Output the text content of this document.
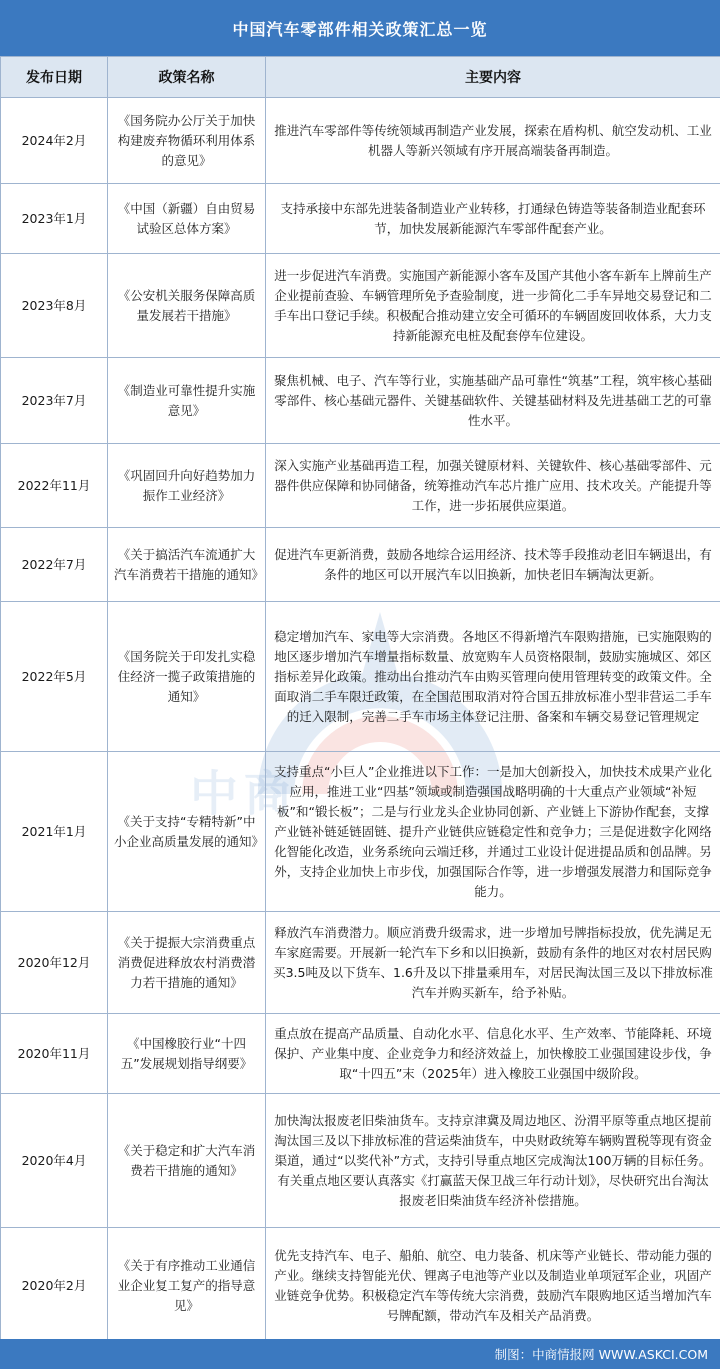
中国汽车零部件相关政策汇总一览
中商
发布日期	政策名称	主要内容
2024年2月	《国务院办公厅关于加快构建废弃物循环利用体系的意见》	推进汽车零部件等传统领域再制造产业发展，探索在盾构机、航空发动机、工业机器人等新兴领域有序开展高端装备再制造。
2023年1月	《中国（新疆）自由贸易试验区总体方案》	支持承接中东部先进装备制造业产业转移，打通绿色铸造等装备制造业配套环节，加快发展新能源汽车零部件配套产业。
2023年8月	《公安机关服务保障高质量发展若干措施》	进一步促进汽车消费。实施国产新能源小客车及国产其他小客车新车上牌前生产企业提前查验、车辆管理所免予查验制度，进一步简化二手车异地交易登记和二手车出口登记手续。积极配合推动建立安全可循环的车辆固废回收体系，大力支持新能源充电桩及配套停车位建设。
2023年7月	《制造业可靠性提升实施意见》	聚焦机械、电子、汽车等行业，实施基础产品可靠性“筑基”工程，筑牢核心基础零部件、核心基础元器件、关键基础软件、关键基础材料及先进基础工艺的可靠性水平。
2022年11月	《巩固回升向好趋势加力振作工业经济》	深入实施产业基础再造工程，加强关键原材料、关键软件、核心基础零部件、元器件供应保障和协同储备，统筹推动汽车芯片推广应用、技术攻关。产能提升等工作，进一步拓展供应渠道。
2022年7月	《关于搞活汽车流通扩大汽车消费若干措施的通知》	促进汽车更新消费，鼓励各地综合运用经济、技术等手段推动老旧车辆退出，有条件的地区可以开展汽车以旧换新，加快老旧车辆淘汰更新。
2022年5月	《国务院关于印发扎实稳住经济一揽子政策措施的通知》	稳定增加汽车、家电等大宗消费。各地区不得新增汽车限购措施，已实施限购的地区逐步增加汽车增量指标数量、放宽购车人员资格限制，鼓励实施城区、郊区指标差异化政策。推动出台推动汽车由购买管理向使用管理转变的政策文件。全面取消二手车限迁政策，在全国范围取消对符合国五排放标准小型非营运二手车的迁入限制，完善二手车市场主体登记注册、备案和车辆交易登记管理规定
2021年1月	《关于支持“专精特新”中小企业高质量发展的通知》	支持重点“小巨人”企业推进以下工作：一是加大创新投入，加快技术成果产业化应用，推进工业“四基”领域或制造强国战略明确的十大重点产业领域“补短板”和“锻长板”；二是与行业龙头企业协同创新、产业链上下游协作配套，支撑产业链补链延链固链、提升产业链供应链稳定性和竞争力；三是促进数字化网络化智能化改造，业务系统向云端迁移，并通过工业设计促进提品质和创品牌。另外，支持企业加快上市步伐，加强国际合作等，进一步增强发展潜力和国际竞争能力。
2020年12月	《关于提振大宗消费重点消费促进释放农村消费潜力若干措施的通知》	释放汽车消费潜力。顺应消费升级需求，进一步增加号牌指标投放，优先满足无车家庭需要。开展新一轮汽车下乡和以旧换新，鼓励有条件的地区对农村居民购买3.5吨及以下货车、1.6升及以下排量乘用车，对居民淘汰国三及以下排放标准汽车并购买新车，给予补贴。
2020年11月	《中国橡胶行业“十四五”发展规划指导纲要》	重点放在提高产品质量、自动化水平、信息化水平、生产效率、节能降耗、环境保护、产业集中度、企业竞争力和经济效益上，加快橡胶工业强国建设步伐，争取“十四五”末（2025年）进入橡胶工业强国中级阶段。
2020年4月	《关于稳定和扩大汽车消费若干措施的通知》	加快淘汰报废老旧柴油货车。支持京津冀及周边地区、汾渭平原等重点地区提前淘汰国三及以下排放标准的营运柴油货车，中央财政统筹车辆购置税等现有资金渠道，通过“以奖代补”方式，支持引导重点地区完成淘汰100万辆的目标任务。有关重点地区要认真落实《打赢蓝天保卫战三年行动计划》，尽快研究出台淘汰报废老旧柴油货车经济补偿措施。
2020年2月	《关于有序推动工业通信业企业复工复产的指导意见》	优先支持汽车、电子、船舶、航空、电力装备、机床等产业链长、带动能力强的产业。继续支持智能光伏、锂离子电池等产业以及制造业单项冠军企业，巩固产业链竞争优势。积极稳定汽车等传统大宗消费，鼓励汽车限购地区适当增加汽车号牌配额，带动汽车及相关产品消费。
制图：中商情报网 WWW.ASKCI.COM
